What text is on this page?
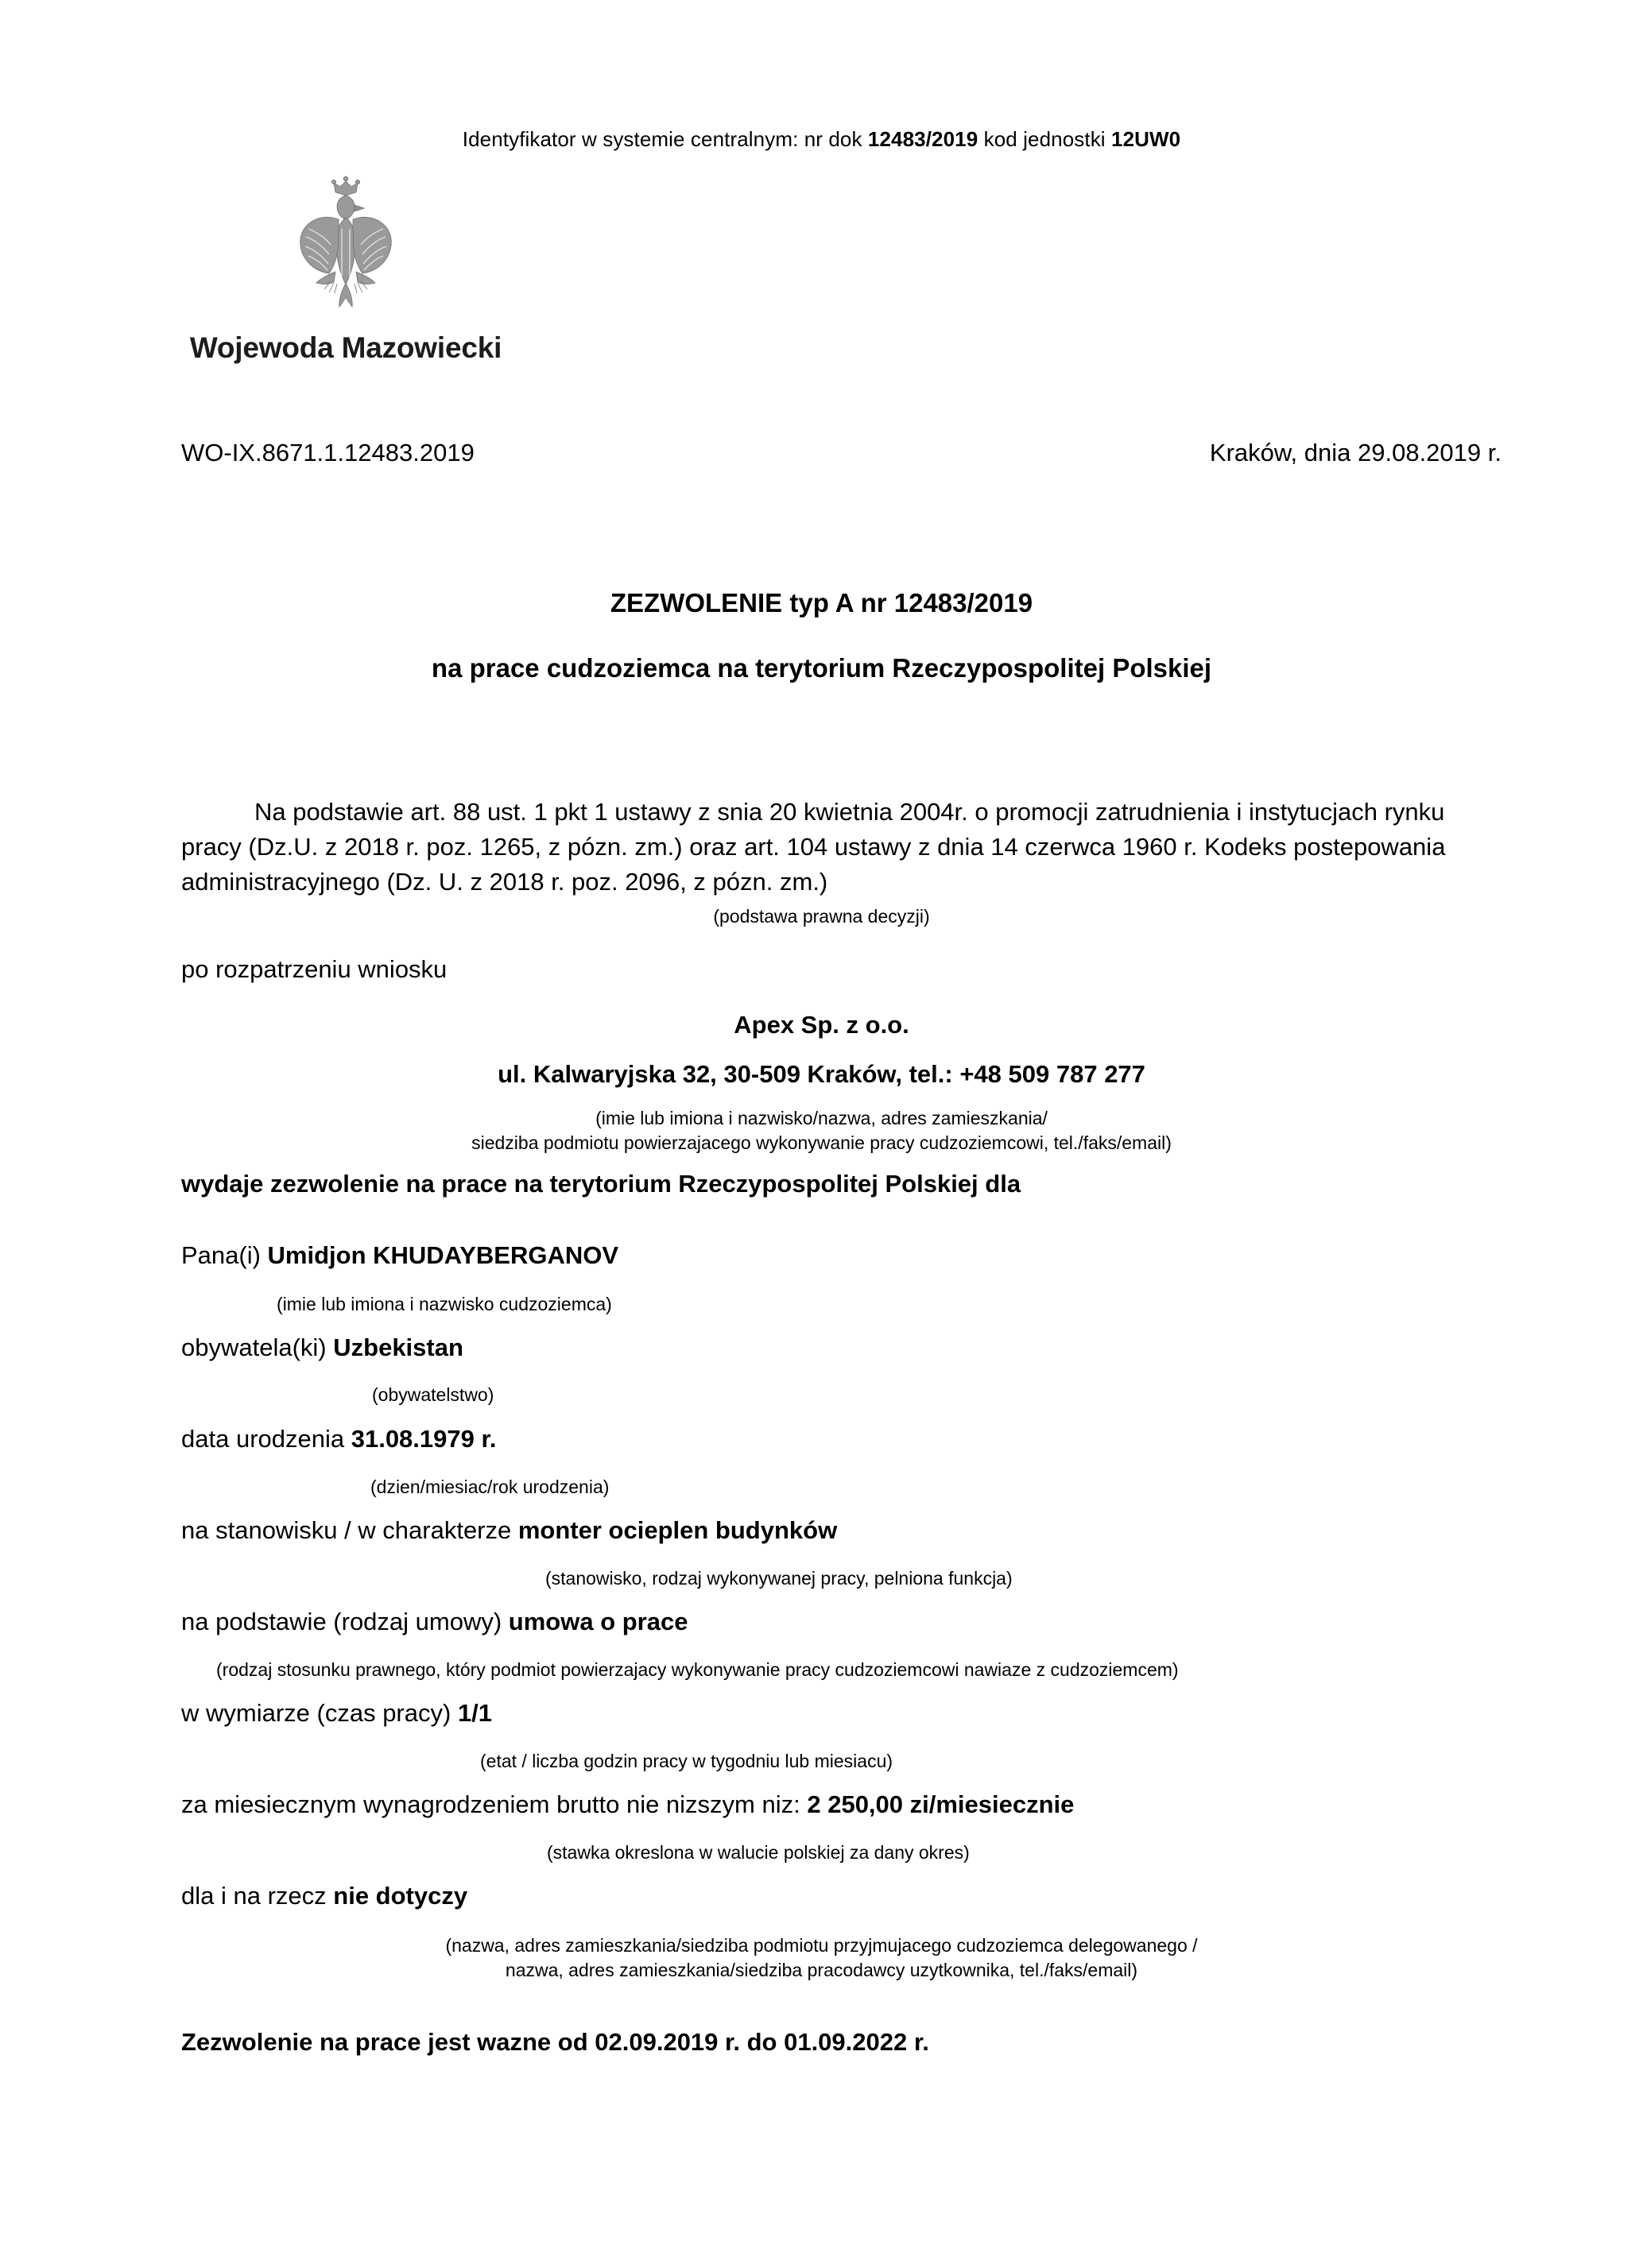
Identyfikator w systemie centralnym: nr dok 12483/2019 kod jednostki 12UW0
Wojewoda Mazowiecki
WO-IX.8671.1.12483.2019	Kraków, dnia 29.08.2019 r.
ZEZWOLENIE typ A nr 12483/2019
na prace cudzoziemca na terytorium Rzeczypospolitej Polskiej
Na podstawie art. 88 ust. 1 pkt 1 ustawy z snia 20 kwietnia 2004r. o promocji zatrudnienia i instytucjach rynku pracy (Dz.U. z 2018 r. poz. 1265, z pózn. zm.) oraz art. 104 ustawy z dnia 14 czerwca 1960 r. Kodeks postepowania administracyjnego (Dz. U. z 2018 r. poz. 2096, z pózn. zm.)
(podstawa prawna decyzji)
po rozpatrzeniu wniosku
Apex Sp. z o.o.
ul. Kalwaryjska 32, 30-509 Kraków, tel.: +48 509 787 277
(imie lub imiona i nazwisko/nazwa, adres zamieszkania/
siedziba podmiotu powierzajacego wykonywanie pracy cudzoziemcowi, tel./faks/email)
wydaje zezwolenie na prace na terytorium Rzeczypospolitej Polskiej dla
Pana(i) Umidjon KHUDAYBERGANOV
(imie lub imiona i nazwisko cudzoziemca)
obywatela(ki) Uzbekistan
(obywatelstwo)
data urodzenia 31.08.1979 r.
(dzien/miesiac/rok urodzenia)
na stanowisku / w charakterze monter ocieplen budynków
(stanowisko, rodzaj wykonywanej pracy, pelniona funkcja)
na podstawie (rodzaj umowy) umowa o prace
(rodzaj stosunku prawnego, który podmiot powierzajacy wykonywanie pracy cudzoziemcowi nawiaze z cudzoziemcem)
w wymiarze (czas pracy) 1/1
(etat / liczba godzin pracy w tygodniu lub miesiacu)
za miesiecznym wynagrodzeniem brutto nie nizszym niz: 2 250,00 zi/miesiecznie
(stawka okreslona w walucie polskiej za dany okres)
dla i na rzecz nie dotyczy
(nazwa, adres zamieszkania/siedziba podmiotu przyjmujacego cudzoziemca delegowanego /
nazwa, adres zamieszkania/siedziba pracodawcy uzytkownika, tel./faks/email)
Zezwolenie na prace jest wazne od 02.09.2019 r. do 01.09.2022 r.
